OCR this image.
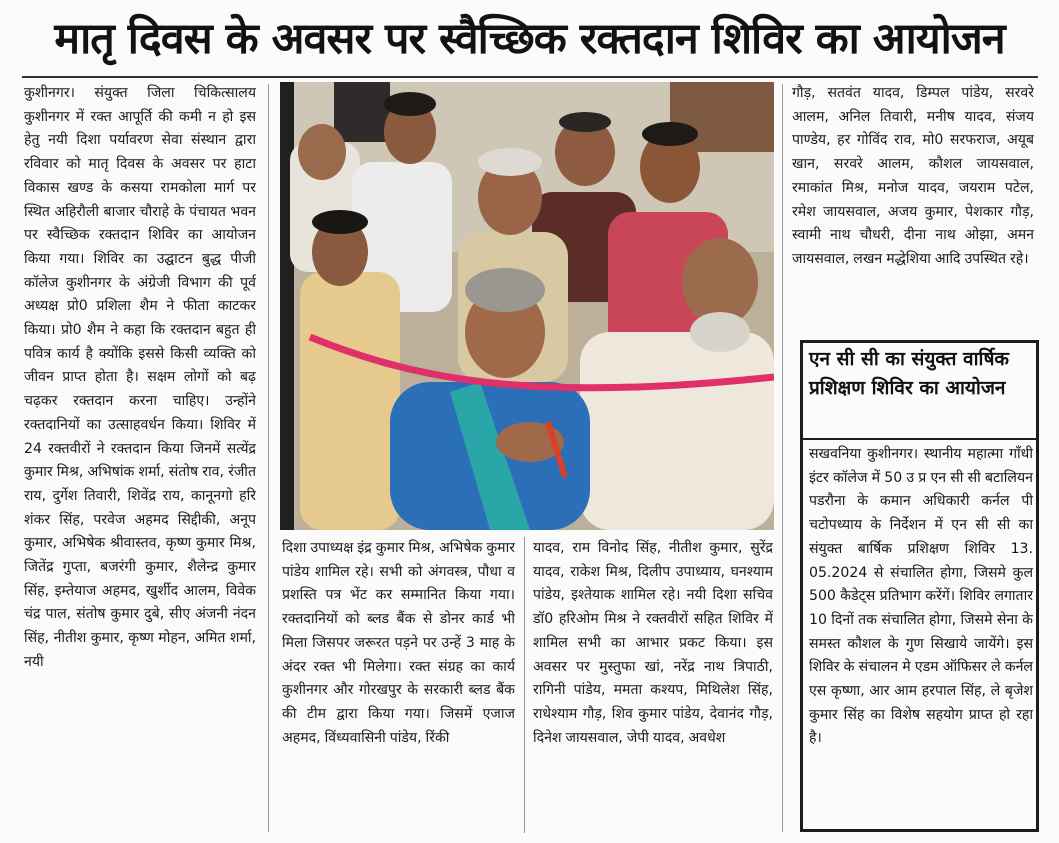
मातृ दिवस के अवसर पर स्वैच्छिक रक्तदान शिविर का आयोजन
कुशीनगर। संयुक्त जिला चिकित्सालय कुशीनगर में रक्त आपूर्ति की कमी न हो इस हेतु नयी दिशा पर्यावरण सेवा संस्थान द्वारा रविवार को मातृ दिवस के अवसर पर हाटा विकास खण्ड के कसया रामकोला मार्ग पर स्थित अहिरौली बाजार चौराहे के पंचायत भवन पर स्वैच्छिक रक्तदान शिविर का आयोजन किया गया। शिविर का उद्घाटन बुद्ध पीजी कॉलेज कुशीनगर के अंग्रेजी विभाग की पूर्व अध्यक्ष प्रो0 प्रशिला शैम ने फीता काटकर किया। प्रो0 शैम ने कहा कि रक्तदान बहुत ही पवित्र कार्य है क्योंकि इससे किसी व्यक्ति को जीवन प्राप्त होता है। सक्षम लोगों को बढ़ चढ़कर रक्तदान करना चाहिए। उन्होंने रक्तदानियों का उत्साहवर्धन किया। शिविर में 24 रक्तवीरों ने रक्तदान किया जिनमें सत्येंद्र कुमार मिश्र, अभिषांक शर्मा, संतोष राव, रंजीत राय, दुर्गेश तिवारी, शिवेंद्र राय, कानूनगो हरि शंकर सिंह, परवेज अहमद सिद्दीकी, अनूप कुमार, अभिषेक श्रीवास्तव, कृष्ण कुमार मिश्र, जितेंद्र गुप्ता, बजरंगी कुमार, शैलेन्द्र कुमार सिंह, इम्तेयाज अहमद, खुर्शीद आलम, विवेक चंद्र पाल, संतोष कुमार दुबे, सीए अंजनी नंदन सिंह, नीतीश कुमार, कृष्ण मोहन, अमित शर्मा, नयी
दिशा उपाध्यक्ष इंद्र कुमार मिश्र, अभिषेक कुमार पांडेय शामिल रहे। सभी को अंगवस्त्र, पौधा व प्रशस्ति पत्र भेंट कर सम्मानित किया गया। रक्तदानियों को ब्लड बैंक से डोनर कार्ड भी मिला जिसपर जरूरत पड़ने पर उन्हें 3 माह के अंदर रक्त भी मिलेगा। रक्त संग्रह का कार्य कुशीनगर और गोरखपुर के सरकारी ब्लड बैंक की टीम द्वारा किया गया। जिसमें एजाज अहमद, विंध्यवासिनी पांडेय, रिंकी
यादव, राम विनोद सिंह, नीतीश कुमार, सुरेंद्र यादव, राकेश मिश्र, दिलीप उपाध्याय, घनश्याम पांडेय, इश्तेयाक शामिल रहे। नयी दिशा सचिव डॉ0 हरिओम मिश्र ने रक्तवीरों सहित शिविर में शामिल सभी का आभार प्रकट किया। इस अवसर पर मुस्तुफा खां, नरेंद्र नाथ त्रिपाठी, रागिनी पांडेय, ममता कश्यप, मिथिलेश सिंह, राधेश्याम गौड़, शिव कुमार पांडेय, देवानंद गौड़, दिनेश जायसवाल, जेपी यादव, अवधेश
गौड़, सतवंत यादव, डिम्पल पांडेय, सरवरे आलम, अनिल तिवारी, मनीष यादव, संजय पाण्डेय, हर गोविंद राव, मो0 सरफराज, अयूब खान, सरवरे आलम, कौशल जायसवाल, रमाकांत मिश्र, मनोज यादव, जयराम पटेल, रमेश जायसवाल, अजय कुमार, पेशकार गौड़, स्वामी नाथ चौधरी, दीना नाथ ओझा, अमन जायसवाल, लखन मद्धेशिया आदि उपस्थित रहे।
एन सी सी का संयुक्त वार्षिक प्रशिक्षण शिविर का आयोजन
सखवनिया कुशीनगर। स्थानीय महात्मा गाँधी इंटर कॉलेज में 50 उ प्र एन सी सी बटालियन पडरौना के कमान अधिकारी कर्नल पी चटोपध्याय के निर्देशन में एन सी सी का संयुक्त बार्षिक प्रशिक्षण शिविर 13. 05.2024 से संचालित होगा, जिसमे कुल 500 कैडेट्स प्रतिभाग करेंगें। शिविर लगातार 10 दिनों तक संचालित होगा, जिसमे सेना के समस्त कौशल के गुण सिखाये जायेंगे। इस शिविर के संचालन मे एडम ऑफिसर ले कर्नल एस कृष्णा, आर आम हरपाल सिंह, ले बृजेश कुमार सिंह का विशेष सहयोग प्राप्त हो रहा है।
